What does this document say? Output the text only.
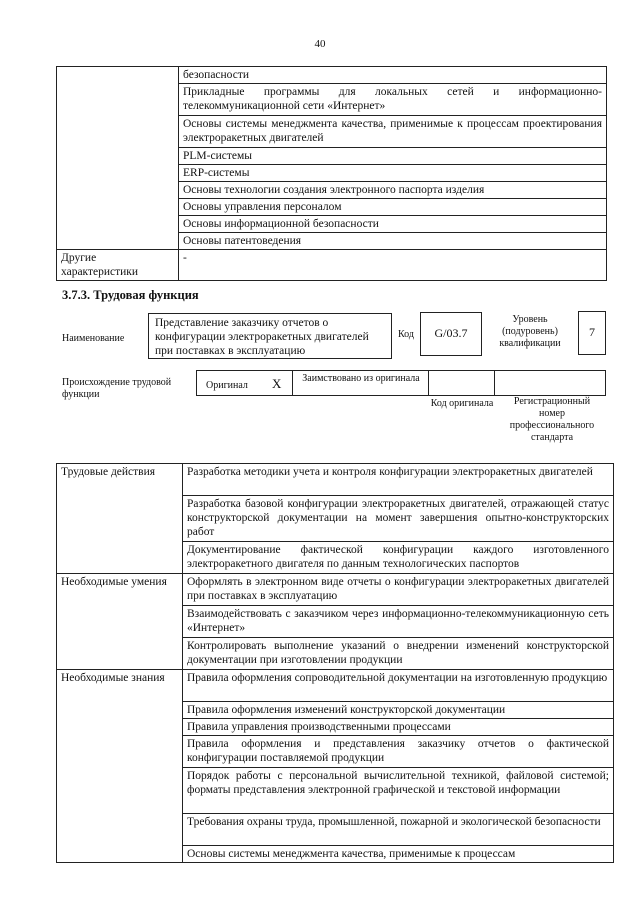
40
	безопасности
	Прикладные программы для локальных сетей и информационно-телекоммуникационной сети «Интернет»
	Основы системы менеджмента качества, применимые к процессам проектирования электроракетных двигателей
	PLM-системы
	ERP-системы
	Основы технологии создания электронного паспорта изделия
	Основы управления персоналом
	Основы информационной безопасности
	Основы патентоведения
Другие характеристики	-
3.7.3. Трудовая функция
Наименование
Представление заказчику отчетов о конфигурации электроракетных двигателей при поставках в эксплуатацию
Код	G/03.7
Уровень (подуровень) квалификации
7
Происхождение трудовой функции
Оригинал X	Заимствовано из оригинала
Код оригинала	Регистрационный номер профессионального стандарта
Трудовые действия	Разработка методики учета и контроля конфигурации электроракетных двигателей
	Разработка базовой конфигурации электроракетных двигателей, отражающей статус конструкторской документации на момент завершения опытно-конструкторских работ
	Документирование фактической конфигурации каждого изготовленного электроракетного двигателя по данным технологических паспортов
Необходимые умения	Оформлять в электронном виде отчеты о конфигурации электроракетных двигателей при поставках в эксплуатацию
	Взаимодействовать с заказчиком через информационно-телекоммуникационную сеть «Интернет»
	Контролировать выполнение указаний о внедрении изменений конструкторской документации при изготовлении продукции
Необходимые знания	Правила оформления сопроводительной документации на изготовленную продукцию
	Правила оформления изменений конструкторской документации
	Правила управления производственными процессами
	Правила оформления и представления заказчику отчетов о фактической конфигурации поставляемой продукции
	Порядок работы с персональной вычислительной техникой, файловой системой; форматы представления электронной графической и текстовой информации
	Требования охраны труда, промышленной, пожарной и экологической безопасности
	Основы системы менеджмента качества, применимые к процессам
